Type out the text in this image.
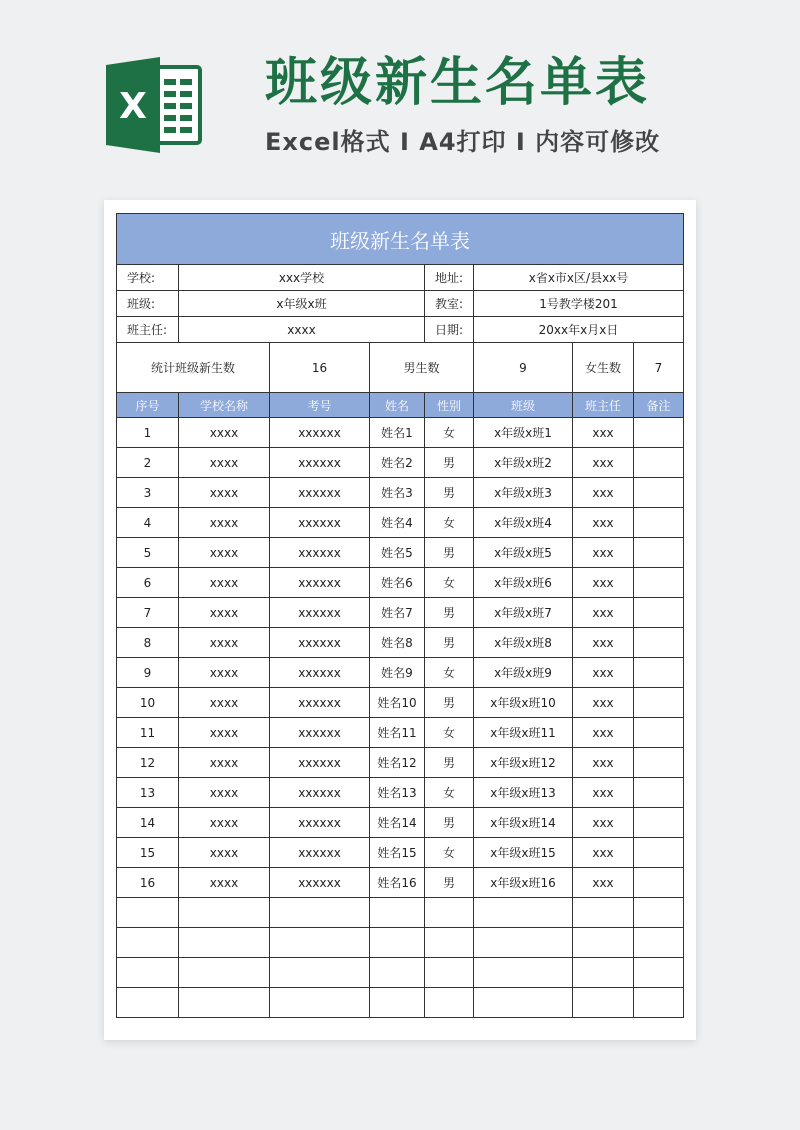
X 班级新生名单表
Excel格式 I A4打印 I 内容可修改
班级新生名单表							
学校:	xxx学校			地址:	x省x市x区/县xx号		
班级:	x年级x班			教室:	1号教学楼201		
班主任:	xxxx			日期:	20xx年x月x日		
统计班级新生数		16	男生数		9	女生数	7
序号	学校名称	考号	姓名	性别	班级	班主任	备注
1	xxxx	xxxxxx	姓名1	女	x年级x班1	xxx	
2	xxxx	xxxxxx	姓名2	男	x年级x班2	xxx	
3	xxxx	xxxxxx	姓名3	男	x年级x班3	xxx	
4	xxxx	xxxxxx	姓名4	女	x年级x班4	xxx	
5	xxxx	xxxxxx	姓名5	男	x年级x班5	xxx	
6	xxxx	xxxxxx	姓名6	女	x年级x班6	xxx	
7	xxxx	xxxxxx	姓名7	男	x年级x班7	xxx	
8	xxxx	xxxxxx	姓名8	男	x年级x班8	xxx	
9	xxxx	xxxxxx	姓名9	女	x年级x班9	xxx	
10	xxxx	xxxxxx	姓名10	男	x年级x班10	xxx	
11	xxxx	xxxxxx	姓名11	女	x年级x班11	xxx	
12	xxxx	xxxxxx	姓名12	男	x年级x班12	xxx	
13	xxxx	xxxxxx	姓名13	女	x年级x班13	xxx	
14	xxxx	xxxxxx	姓名14	男	x年级x班14	xxx	
15	xxxx	xxxxxx	姓名15	女	x年级x班15	xxx	
16	xxxx	xxxxxx	姓名16	男	x年级x班16	xxx	
